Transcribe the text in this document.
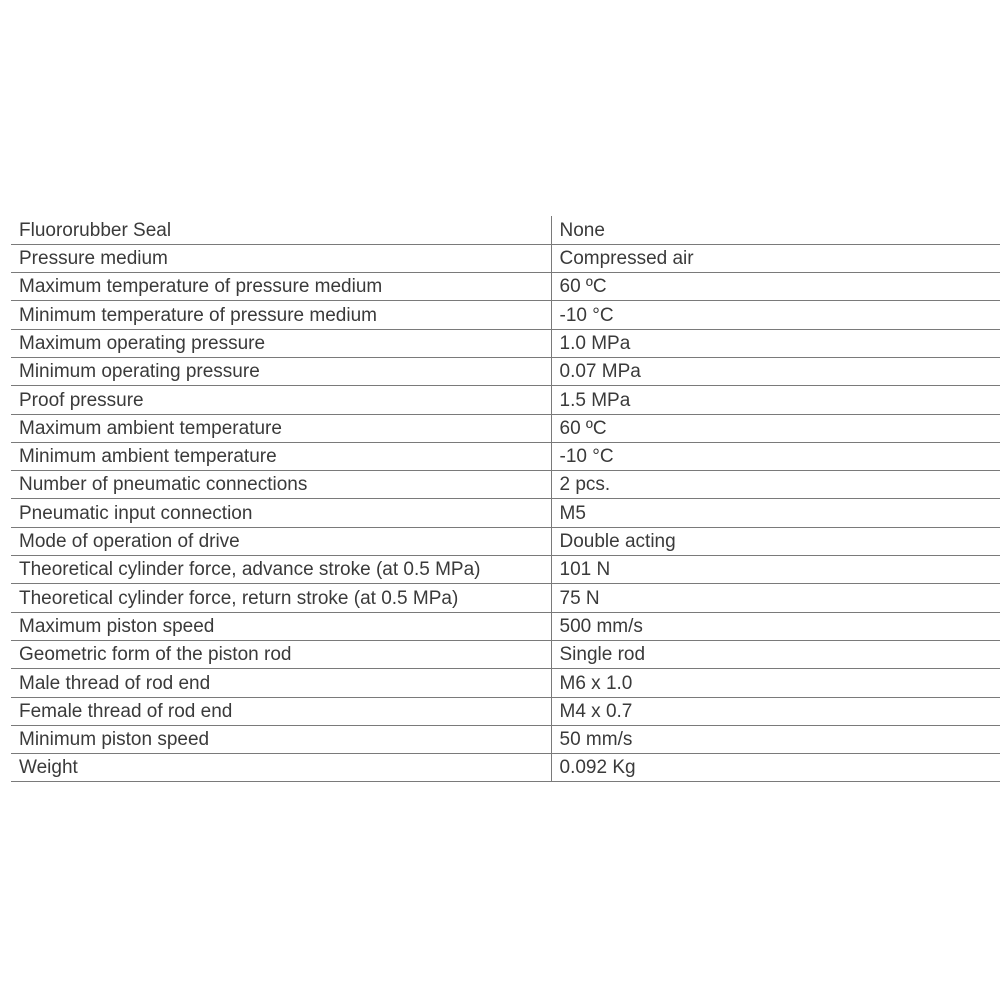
Fluororubber Seal	None
Pressure medium	Compressed air
Maximum temperature of pressure medium	60 ºC
Minimum temperature of pressure medium	-10 °C
Maximum operating pressure	1.0 MPa
Minimum operating pressure	0.07 MPa
Proof pressure	1.5 MPa
Maximum ambient temperature	60 ºC
Minimum ambient temperature	-10 °C
Number of pneumatic connections	2 pcs.
Pneumatic input connection	M5
Mode of operation of drive	Double acting
Theoretical cylinder force, advance stroke (at 0.5 MPa)	101 N
Theoretical cylinder force, return stroke (at 0.5 MPa)	75 N
Maximum piston speed	500 mm/s
Geometric form of the piston rod	Single rod
Male thread of rod end	M6 x 1.0
Female thread of rod end	M4 x 0.7
Minimum piston speed	50 mm/s
Weight	0.092 Kg
